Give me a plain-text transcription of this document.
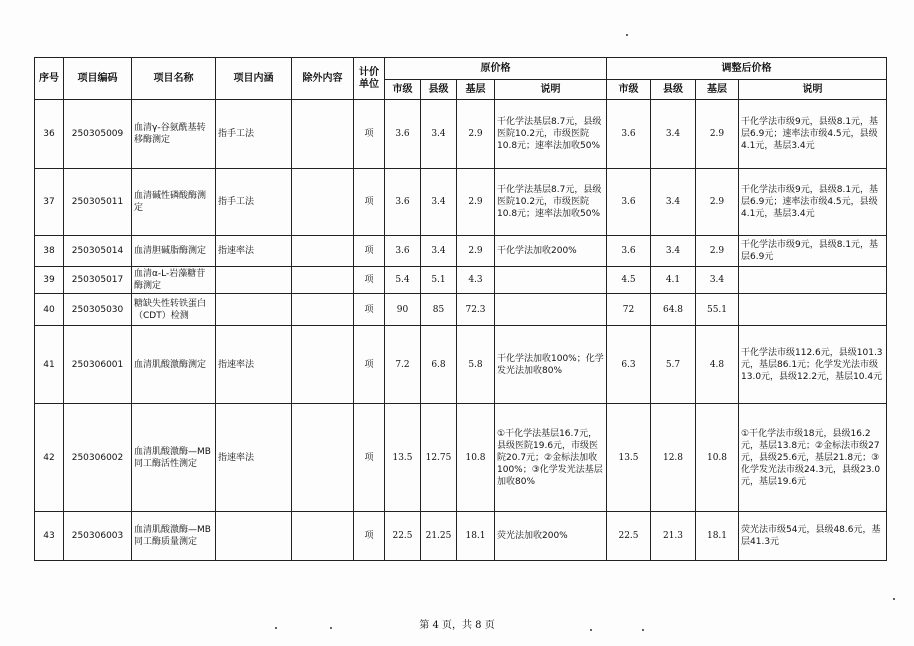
序号	项目编码	项目名称	项目内涵	除外内容	计价单位	原价格				调整后价格			
						市级	县级	基层	说明	市级	县级	基层	说明
36	250305009	血清γ-谷氨酰基转移酶测定	指手工法		项	3.6	3.4	2.9	干化学法基层8.7元，县级医院10.2元，市级医院10.8元；速率法加收50%	3.6	3.4	2.9	干化学法市级9元，县级8.1元，基层6.9元；速率法市级4.5元，县级4.1元，基层3.4元
37	250305011	血清碱性磷酸酶测定	指手工法		项	3.6	3.4	2.9	干化学法基层8.7元，县级医院10.2元，市级医院10.8元；速率法加收50%	3.6	3.4	2.9	干化学法市级9元，县级8.1元，基层6.9元；速率法市级4.5元，县级4.1元，基层3.4元
38	250305014	血清胆碱脂酶测定	指速率法		项	3.6	3.4	2.9	干化学法加收200%	3.6	3.4	2.9	干化学法市级9元，县级8.1元，基层6.9元
39	250305017	血清α-L-岩藻糖苷酶测定			项	5.4	5.1	4.3		4.5	4.1	3.4	
40	250305030	糖缺失性转铁蛋白（CDT）检测			项	90	85	72.3		72	64.8	55.1	
41	250306001	血清肌酸激酶测定	指速率法		项	7.2	6.8	5.8	干化学法加收100%；化学发光法加收80%	6.3	5.7	4.8	干化学法市级112.6元，县级101.3元，基层86.1元；化学发光法市级13.0元，县级12.2元，基层10.4元
42	250306002	血清肌酸激酶—MB同工酶活性测定	指速率法		项	13.5	12.75	10.8	①干化学法基层16.7元，县级医院19.6元，市级医院20.7元；②金标法加收100%；③化学发光法基层加收80%	13.5	12.8	10.8	①干化学法市级18元，县级16.2元，基层13.8元；②金标法市级27元，县级25.6元，基层21.8元；③化学发光法市级24.3元，县级23.0元，基层19.6元
43	250306003	血清肌酸激酶—MB同工酶质量测定			项	22.5	21.25	18.1	荧光法加收200%	22.5	21.3	18.1	荧光法市级54元，县级48.6元，基层41.3元
第 4 页，共 8 页
